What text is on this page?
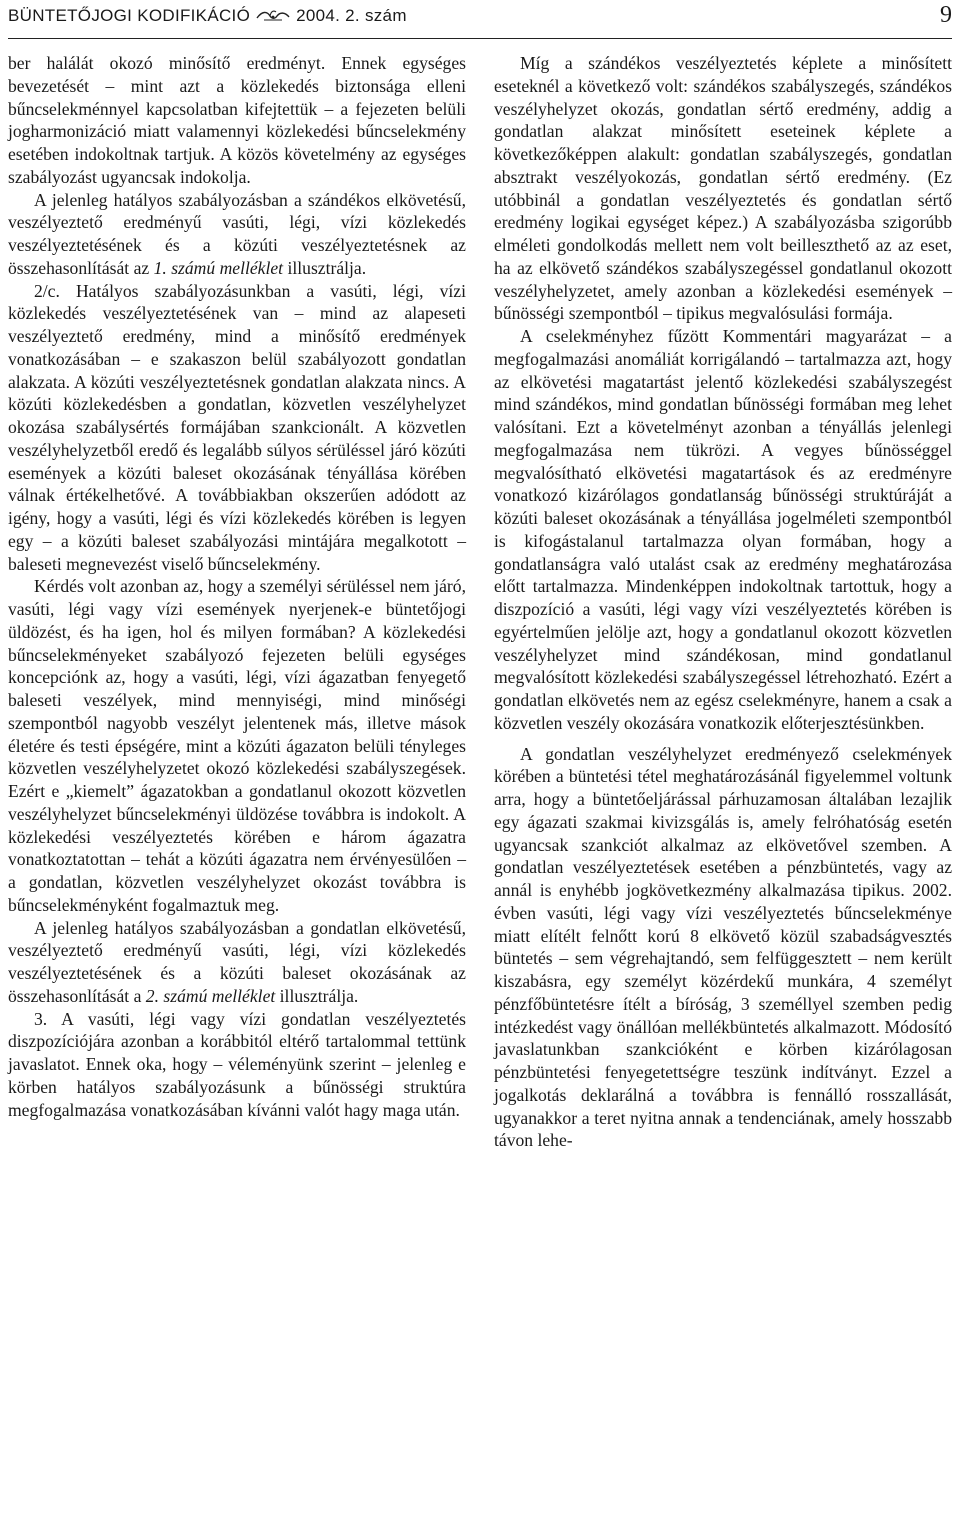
BÜNTETŐJOGI KODIFIKÁCIÓ	2004. 2. szám	9

ber halálát okozó minősítő eredményt. Ennek egységes bevezetését – mint azt a közlekedés biztonsága elleni bűncselekménnyel kapcsolatban kifejtettük – a fejezeten belüli jogharmonizáció miatt valamennyi közlekedési bűncselekmény esetében indokoltnak tartjuk. A közös követelmény az egységes szabályozást ugyancsak indokolja.

A jelenleg hatályos szabályozásban a szándékos elkövetésű, veszélyeztető eredményű vasúti, légi, vízi közlekedés veszélyeztetésének és a közúti veszélyeztetésnek az összehasonlítását az 1. számú melléklet illusztrálja.

2/c. Hatályos szabályozásunkban a vasúti, légi, vízi közlekedés veszélyeztetésének van – mind az alapeseti veszélyeztető eredmény, mind a minősítő eredmények vonatkozásában – e szakaszon belül szabályozott gondatlan alakzata. A közúti veszélyeztetésnek gondatlan alakzata nincs. A közúti közlekedésben a gondatlan, közvetlen veszélyhelyzet okozása szabálysértés formájában szankcionált. A közvetlen veszélyhelyzetből eredő és legalább súlyos sérüléssel járó közúti események a közúti baleset okozásának tényállása körében válnak értékelhetővé. A továbbiakban okszerűen adódott az igény, hogy a vasúti, légi és vízi közlekedés körében is legyen egy – a közúti baleset szabályozási mintájára megalkotott – baleseti megnevezést viselő bűncselekmény.

Kérdés volt azonban az, hogy a személyi sérüléssel nem járó, vasúti, légi vagy vízi események nyerjenek-e büntetőjogi üldözést, és ha igen, hol és milyen formában? A közlekedési bűncselekményeket szabályozó fejezeten belüli egységes koncepciónk az, hogy a vasúti, légi, vízi ágazatban fenyegető baleseti veszélyek, mind mennyiségi, mind minőségi szempontból nagyobb veszélyt jelentenek más, illetve mások életére és testi épségére, mint a közúti ágazaton belüli tényleges közvetlen veszélyhelyzetet okozó közlekedési szabályszegések. Ezért e „kiemelt” ágazatokban a gondatlanul okozott közvetlen veszélyhelyzet bűncselekményi üldözése továbbra is indokolt. A közlekedési veszélyeztetés körében e három ágazatra vonatkoztatottan – tehát a közúti ágazatra nem érvényesülően – a gondatlan, közvetlen veszélyhelyzet okozást továbbra is bűncselekményként fogalmaztuk meg.

A jelenleg hatályos szabályozásban a gondatlan elkövetésű, veszélyeztető eredményű vasúti, légi, vízi közlekedés veszélyeztetésének és a közúti baleset okozásának az összehasonlítását a 2. számú melléklet illusztrálja.

3. A vasúti, légi vagy vízi gondatlan veszélyeztetés diszpozíciójára azonban a korábbitól eltérő tartalommal tettünk javaslatot. Ennek oka, hogy – véleményünk szerint – jelenleg e körben hatályos szabályozásunk a bűnösségi struktúra megfogalmazása vonatkozásában kívánni valót hagy maga után.

Míg a szándékos veszélyeztetés képlete a minősített eseteknél a következő volt: szándékos szabályszegés, szándékos veszélyhelyzet okozás, gondatlan sértő eredmény, addig a gondatlan alakzat minősített eseteinek képlete a következőképpen alakult: gondatlan szabályszegés, gondatlan absztrakt veszélyokozás, gondatlan sértő eredmény. (Ez utóbbinál a gondatlan veszélyeztetés és gondatlan sértő eredmény logikai egységet képez.) A szabályozásba szigorúbb elméleti gondolkodás mellett nem volt beilleszthető az az eset, ha az elkövető szándékos szabályszegéssel gondatlanul okozott veszélyhelyzetet, amely azonban a közlekedési események – bűnösségi szempontból – tipikus megvalósulási formája.

A cselekményhez fűzött Kommentári magyarázat – a megfogalmazási anomáliát korrigálandó – tartalmazza azt, hogy az elkövetési magatartást jelentő közlekedési szabályszegést mind szándékos, mind gondatlan bűnösségi formában meg lehet valósítani. Ezt a követelményt azonban a tényállás jelenlegi megfogalmazása nem tükrözi. A vegyes bűnösséggel megvalósítható elkövetési magatartások és az eredményre vonatkozó kizárólagos gondatlanság bűnösségi struktúráját a közúti baleset okozásának a tényállása jogelméleti szempontból is kifogástalanul tartalmazza olyan formában, hogy a gondatlanságra való utalást csak az eredmény meghatározása előtt tartalmazza. Mindenképpen indokoltnak tartottuk, hogy a diszpozíció a vasúti, légi vagy vízi veszélyeztetés körében is egyértelműen jelölje azt, hogy a gondatlanul okozott közvetlen veszélyhelyzet mind szándékosan, mind gondatlanul megvalósított közlekedési szabályszegéssel létrehozható. Ezért a gondatlan elkövetés nem az egész cselekményre, hanem a csak a közvetlen veszély okozására vonatkozik előterjesztésünkben.

A gondatlan veszélyhelyzet eredményező cselekmények körében a büntetési tétel meghatározásánál figyelemmel voltunk arra, hogy a büntetőeljárással párhuzamosan általában lezajlik egy ágazati szakmai kivizsgálás is, amely felróhatóság esetén ugyancsak szankciót alkalmaz az elkövetővel szemben. A gondatlan veszélyeztetések esetében a pénzbüntetés, vagy az annál is enyhébb jogkövetkezmény alkalmazása tipikus. 2002. évben vasúti, légi vagy vízi veszélyeztetés bűncselekménye miatt elítélt felnőtt korú 8 elkövető közül szabadságvesztés büntetés – sem végrehajtandó, sem felfüggesztett – nem került kiszabásra, egy személyt közérdekű munkára, 4 személyt pénzfőbüntetésre ítélt a bíróság, 3 személlyel szemben pedig intézkedést vagy önállóan mellékbüntetés alkalmazott. Módosító javaslatunkban szankcióként e körben kizárólagosan pénzbüntetési fenyegetettségre teszünk indítványt. Ezzel a jogalkotás deklarálná a továbbra is fennálló rosszallását, ugyanakkor a teret nyitna annak a tendenciának, amely hosszabb távon lehe-
